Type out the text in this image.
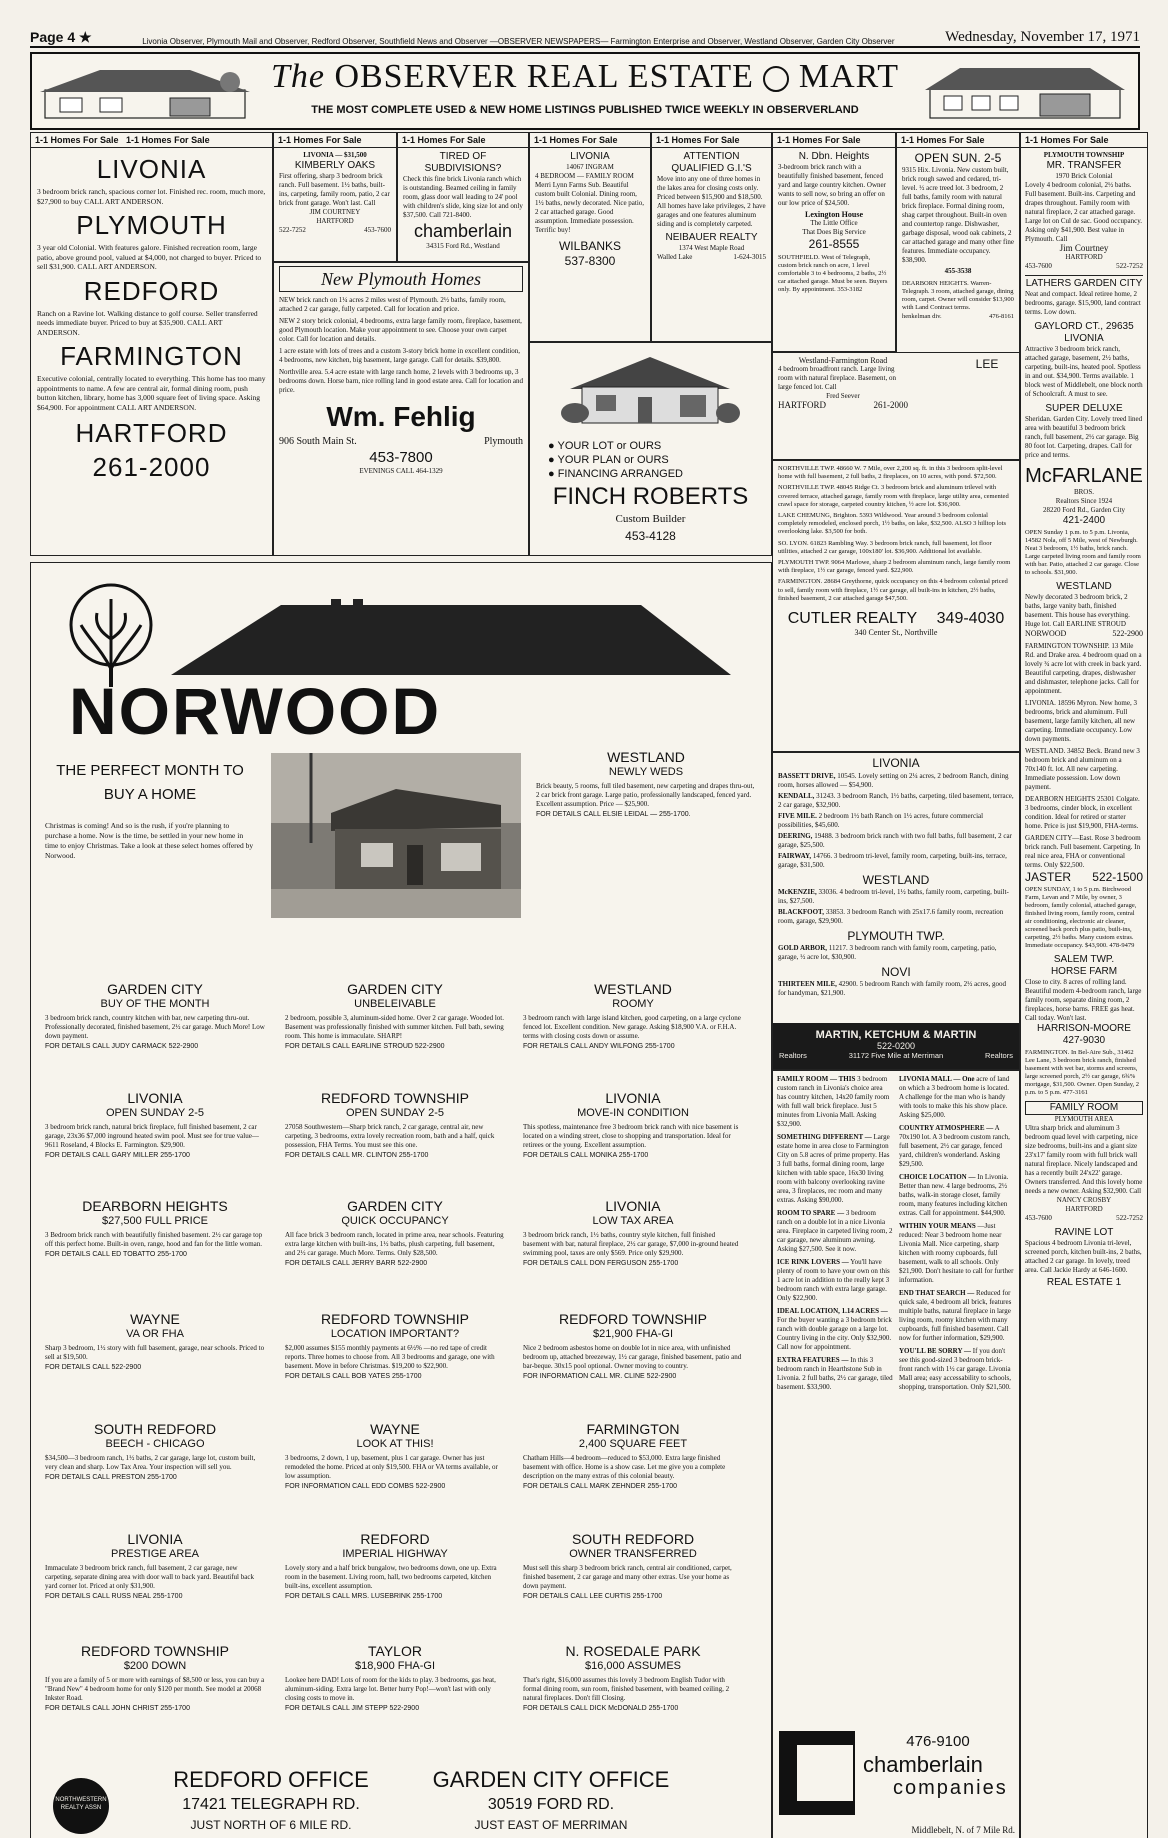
Page 4 ★	Livonia Observer, Plymouth Mail and Observer, Redford Observer, Southfield News and Observer —OBSERVER NEWSPAPERS— Farmington Enterprise and Observer, Westland Observer, Garden City Observer	Wednesday, November 17, 1971
The OBSERVER REAL ESTATE MART
THE MOST COMPLETE USED & NEW HOME LISTINGS PUBLISHED TWICE WEEKLY IN OBSERVERLAND
1-1 Homes For Sale 1-1 Homes For Sale
LIVONIA
3 bedroom brick ranch, spacious corner lot. Finished rec. room, much more, $27,900 to buy CALL ART ANDERSON.
PLYMOUTH
3 year old Colonial. With features galore. Finished recreation room, large patio, above ground pool, valued at $4,000, not charged to buyer. Priced to sell $31,900. CALL ART ANDERSON.
REDFORD
Ranch on a Ravine lot. Walking distance to golf course. Seller transferred needs immediate buyer. Priced to buy at $35,900. CALL ART ANDERSON.
FARMINGTON
Executive colonial, centrally located to everything. This home has too many appointments to name. A few are central air, formal dining room, push button kitchen, library, home has 3,000 square feet of living space. Asking $64,900. For appointment CALL ART ANDERSON.
HARTFORD
261-2000
1-1 Homes For Sale
LIVONIA — $31,500
KIMBERLY OAKS
First offering, sharp 3 bedroom brick ranch. Full basement. 1½ baths, built-ins, carpeting, family room, patio, 2 car brick front garage. Won't last. Call
JIM COURTNEY
HARTFORD
522-7252	453-7600
1-1 Homes For Sale
TIRED OF SUBDIVISIONS?
Check this fine brick Livonia ranch which is outstanding. Beamed ceiling in family room, glass door wall leading to 24' pool with children's slide, king size lot and only $37,500. Call 721-8400.
chamberlain
34315 Ford Rd., Westland
New Plymouth Homes
NEW brick ranch on 1¼ acres 2 miles west of Plymouth. 2½ baths, family room, attached 2 car garage, fully carpeted. Call for location and price.
NEW 2 story brick colonial, 4 bedrooms, extra large family room, fireplace, basement, good Plymouth location. Make your appointment to see. Choose your own carpet color. Call for location and details.
1 acre estate with lots of trees and a custom 3-story brick home in excellent condition, 4 bedrooms, new kitchen, big basement, large garage. Call for details. $39,800.
Northville area. 5.4 acre estate with large ranch home, 2 levels with 3 bedrooms up, 3 bedrooms down. Horse barn, nice rolling land in good estate area. Call for location and price.
Wm. Fehlig
906 South Main St.	Plymouth
453-7800
EVENINGS CALL 464-1329
1-1 Homes For Sale
LIVONIA
14067 INGRAM
4 BEDROOM — FAMILY ROOM Merri Lynn Farms Sub. Beautiful custom built Colonial. Dining room, 1½ baths, newly decorated. Nice patio, 2 car attached garage. Good assumption. Immediate possession. Terrific buy!
WILBANKS
537-8300
1-1 Homes For Sale
ATTENTION QUALIFIED G.I.'S
Move into any one of three homes in the lakes area for closing costs only. Priced between $15,900 and $18,500. All homes have lake privileges, 2 have garages and one features aluminum siding and is completely carpeted.
NEIBAUER REALTY
1374 West Maple Road
Walled Lake	1-624-3015
● YOUR LOT or OURS
● YOUR PLAN or OURS
● FINANCING ARRANGED
FINCH ROBERTS
Custom Builder
453-4128
1-1 Homes For Sale
N. Dbn. Heights
3-bedroom brick ranch with a beautifully finished basement, fenced yard and large country kitchen. Owner wants to sell now, so bring an offer on our low price of $24,500.
Lexington House
The Little Office
That Does Big Service
261-8555
SOUTHFIELD. West of Telegraph, custom brick ranch on acre, 1 level comfortable 3 to 4 bedrooms, 2 baths, 2½ car attached garage. Must be seen. Buyers only. By appointment. 353-3182
1-1 Homes For Sale
OPEN SUN. 2-5
9315 Hix. Livonia. New custom built, brick rough sawed and cedared, tri-level. ½ acre treed lot. 3 bedroom, 2 full baths, family room with natural brick fireplace. Formal dining room, shag carpet throughout. Built-in oven and countertop range. Dishwasher, garbage disposal, wood oak cabinets, 2 car attached garage and many other fine features. Immediate occupancy. $38,900.
455-3538
DEARBORN HEIGHTS. Warren-Telegraph. 3 room, attached garage, dining room, carpet. Owner will consider $13,900 with Land Contract terms.
henkelman div.	476-8161
Westland-Farmington Road
4 bedroom broadfront ranch. Large living room with natural fireplace. Basement, on large fenced lot. Call
Fred Seever
HARTFORD	261-2000
LEE
1-1 Homes For Sale
PLYMOUTH TOWNSHIP
MR. TRANSFER
1970 Brick Colonial
Lovely 4 bedroom colonial, 2½ baths. Full basement. Built-ins. Carpeting and drapes throughout. Family room with natural fireplace, 2 car attached garage. Large lot on Cul de sac. Good occupancy. Asking only $41,900. Best value in Plymouth. Call
Jim Courtney
HARTFORD
453-7600	522-7252
LATHERS GARDEN CITY
Neat and compact. Ideal retiree home, 2 bedrooms, garage. $15,900, land contract terms. Low down.
GAYLORD CT., 29635 LIVONIA
Attractive 3 bedroom brick ranch, attached garage, basement, 2½ baths, carpeting, built-ins, heated pool. Spotless in and out. $34,900. Terms available. 1 block west of Middlebelt, one block north of Schoolcraft. A must to see.
SUPER DELUXE
Sheridan. Garden City. Lovely treed lined area with beautiful 3 bedroom brick ranch, full basement, 2½ car garage. Big 80 foot lot. Carpeting, drapes. Call for price and terms.
McFARLANE
BROS.
Realtors Since 1924
28220 Ford Rd., Garden City
421-2400
OPEN Sunday 1 p.m. to 5 p.m. Livonia, 14582 Nola, off 5 Mile, west of Newburgh. Neat 3 bedroom, 1½ baths, brick ranch. Large carpeted living room and family room with bar. Patio, attached 2 car garage. Close to schools. $31,900.
WESTLAND
Newly decorated 3 bedroom brick, 2 baths, large vanity bath, finished basement. This house has everything. Huge lot. Call EARLINE STROUD
NORWOOD	522-2900
FARMINGTON TOWNSHIP. 13 Mile Rd. and Drake area. 4 bedroom quad on a lovely ¾ acre lot with creek in back yard. Beautiful carpeting, drapes, dishwasher and dishmaster, telephone jacks. Call for appointment.
LIVONIA. 18596 Myron. New home, 3 bedrooms, brick and aluminum. Full basement, large family kitchen, all new carpeting. Immediate occupancy. Low down payments.
WESTLAND. 34852 Beck. Brand new 3 bedroom brick and aluminum on a 70x140 ft. lot. All new carpeting. Immediate possession. Low down payment.
DEARBORN HEIGHTS 25301 Colgate. 3 bedrooms, cinder block, in excellent condition. Ideal for retired or starter home. Price is just $19,900, FHA-terms.
GARDEN CITY—East. Rose 3 bedroom brick ranch. Full basement. Carpeting. In real nice area, FHA or conventional terms. Only $22,500.
JASTER 522-1500
OPEN SUNDAY, 1 to 5 p.m. Birchwood Farm, Levan and 7 Mile, by owner, 3 bedroom, family colonial, attached garage, finished living room, family room, central air conditioning, electronic air cleaner, screened back porch plus patio, built-ins, carpeting, 2½ baths. Many custom extras. Immediate occupancy. $43,900. 478-9479
SALEM TWP.
HORSE FARM
Close to city. 8 acres of rolling land. Beautiful modern 4-bedroom ranch, large family room, separate dining room, 2 fireplaces, horse barns. FREE gas heat. Call today. Won't last.
HARRISON-MOORE
427-9030
FARMINGTON. In Bel-Aire Sub., 31462 Lee Lane, 3 bedroom brick ranch, finished basement with wet bar, storms and screens, large screened porch, 2½ car garage, 6¾% mortgage, $31,500. Owner. Open Sunday, 2 p.m. to 5 p.m. 477-3161
FAMILY ROOM
PLYMOUTH AREA
Ultra sharp brick and aluminum 3 bedroom quad level with carpeting, nice size bedrooms, built-ins and a giant size 23'x17' family room with full brick wall natural fireplace. Nicely landscaped and has a recently built 24'x22' garage. Owners transferred. And this lovely home needs a new owner. Asking $32,900. Call
NANCY CROSBY
HARTFORD
453-7600	522-7252
RAVINE LOT
Spacious 4 bedroom Livonia tri-level, screened porch, kitchen built-ins, 2 baths, attached 2 car garage. In lovely, treed area. Call Jackie Hardy at 646-1600.
REAL ESTATE 1
NORTHVILLE TWP. 48660 W. 7 Mile, over 2,200 sq. ft. in this 3 bedroom split-level home with full basement, 2 full baths, 2 fireplaces, on 10 acres, with pond. $72,500.
NORTHVILLE TWP. 48045 Ridge Ct. 3 bedroom brick and aluminum trilevel with covered terrace, attached garage, family room with fireplace, large utility area, cemented crawl space for storage, carpeted country kitchen, ½ acre lot. $36,900.
LAKE CHEMUNG, Brighton. 5393 Wildwood. Year around 3 bedroom colonial completely remodeled, enclosed porch, 1½ baths, on lake, $32,500. ALSO 3 hilltop lots overlooking lake. $3,500 for both.
SO. LYON. 61823 Rambling Way. 3 bedroom brick ranch, full basement, lot floor utilities, attached 2 car garage, 100x180' lot. $36,900. Additional lot available.
PLYMOUTH TWP. 9064 Marlowe, sharp 2 bedroom aluminum ranch, large family room with fireplace, 1½ car garage, fenced yard. $22,900.
FARMINGTON. 28684 Greythorne, quick occupancy on this 4 bedroom colonial priced to sell, family room with fireplace, 1½ car garage, all built-ins in kitchen, 2½ baths, finished basement, 2 car attached garage $47,500.
CUTLER REALTY 349-4030
340 Center St., Northville
LIVONIA
BASSETT DRIVE, 10545. Lovely setting on 2¼ acres, 2 bedroom Ranch, dining room, horses allowed — $54,900.
KENDALL, 31243. 3 bedroom Ranch, 1½ baths, carpeting, tiled basement, terrace, 2 car garage, $32,900.
FIVE MILE. 2 bedroom 1½ bath Ranch on 1½ acres, future commercial possibilities, $45,600.
DEERING, 19488. 3 bedroom brick ranch with two full baths, full basement, 2 car garage, $25,500.
FAIRWAY, 14766. 3 bedroom tri-level, family room, carpeting, built-ins, terrace, garage, $31,500.
WESTLAND
McKENZIE, 33036. 4 bedroom tri-level, 1½ baths, family room, carpeting, built-ins, $27,500.
BLACKFOOT, 33853. 3 bedroom Ranch with 25x17.6 family room, recreation room, garage, $29,900.
PLYMOUTH TWP.
GOLD ARBOR, 11217. 3 bedroom ranch with family room, carpeting, patio, garage, ½ acre lot, $30,900.
NOVI
THIRTEEN MILE, 42900. 5 bedroom Ranch with family room, 2½ acres, good for handyman, $21,900.
MARTIN, KETCHUM & MARTIN
522-0200
Realtors	31172 Five Mile at Merriman	Realtors
FAMILY ROOM — THIS 3 bedroom custom ranch in Livonia's choice area has country kitchen, 14x20 family room with full wall brick fireplace. Just 5 minutes from Livonia Mall. Asking $32,900.
SOMETHING DIFFERENT — Large estate home in area close to Farmington City on 5.8 acres of prime property. Has 3 full baths, formal dining room, large kitchen with table space, 16x30 living room with balcony overlooking ravine area, 3 fireplaces, rec room and many extras. Asking $90,000.
ROOM TO SPARE — 3 bedroom ranch on a double lot in a nice Livonia area. Fireplace in carpeted living room, 2 car garage, new aluminum awning. Asking $27,500. See it now.
ICE RINK LOVERS — You'll have plenty of room to have your own on this 1 acre lot in addition to the really kept 3 bedroom ranch with extra large garage. Only $22,900.
IDEAL LOCATION, 1.14 ACRES — For the buyer wanting a 3 bedroom brick ranch with double garage on a large lot. Country living in the city. Only $32,900. Call now for appointment.
EXTRA FEATURES — In this 3 bedroom ranch in Hearthstone Sub in Livonia. 2 full baths, 2½ car garage, tiled basement. $33,900.
LIVONIA MALL — One acre of land on which a 3 bedroom home is located. A challenge for the man who is handy with tools to make this his show place. Asking $25,000.
COUNTRY ATMOSPHERE — A 70x190 lot. A 3 bedroom custom ranch, full basement, 2½ car garage, fenced yard, children's wonderland. Asking $29,500.
CHOICE LOCATION — In Livonia. Better than new. 4 large bedrooms, 2½ baths, walk-in storage closet, family room, many features including kitchen extras. Call for appointment. $44,900.
WITHIN YOUR MEANS —Just reduced: Near 3 bedroom home near Livonia Mall. Nice carpeting, sharp kitchen with roomy cupboards, full basement, walk to all schools. Only $21,900. Don't hesitate to call for further information.
END THAT SEARCH — Reduced for quick sale, 4 bedroom all brick, features multiple baths, natural fireplace in large living room, roomy kitchen with many cupboards, full finished basement. Call now for further information, $29,900.
YOU'LL BE SORRY — If you don't see this good-sized 3 bedroom brick-front ranch with 1½ car garage. Livonia Mall area; easy accessability to schools, shopping, transportation. Only $21,500.
476-9100
chamberlain
companies
Middlebelt, N. of 7 Mile Rd.
NORWOOD
THE PERFECT MONTH TO BUY A HOME
Christmas is coming! And so is the rush, if you're planning to purchase a home. Now is the time, be settled in your new home in time to enjoy Christmas. Take a look at these select homes offered by Norwood.
WESTLAND
NEWLY WEDS
Brick beauty, 5 rooms, full tiled basement, new carpeting and drapes thru-out, 2 car brick front garage. Large patio, professionally landscaped, fenced yard. Excellent assumption. Price — $25,900.
FOR DETAILS CALL ELSIE LEIDAL — 255-1700.
GARDEN CITY
BUY OF THE MONTH
3 bedroom brick ranch, country kitchen with bar, new carpeting thru-out. Professionally decorated, finished basement, 2½ car garage. Much More! Low down payment.
FOR DETAILS CALL JUDY CARMACK 522-2900
GARDEN CITY
UNBELEIVABLE
2 bedroom, possible 3, aluminum-sided home. Over 2 car garage. Wooded lot. Basement was professionally finished with summer kitchen. Full bath, sewing room. This home is immaculate. SHARP!
FOR DETAILS CALL EARLINE STROUD 522-2900
WESTLAND
ROOMY
3 bedroom ranch with large island kitchen, good carpeting, on a large cyclone fenced lot. Excellent condition. New garage. Asking $18,900 V.A. or F.H.A. terms with closing costs down or assume.
FOR RETAILS CALL ANDY WILFONG 255-1700
LIVONIA
OPEN SUNDAY 2-5
3 bedroom brick ranch, natural brick fireplace, full finished basement, 2 car garage, 23x36 $7,000 inground heated swim pool. Must see for true value—9611 Roseland, 4 Blocks E. Farmington. $29,900.
FOR DETAILS CALL GARY MILLER 255-1700
REDFORD TOWNSHIP
OPEN SUNDAY 2-5
27058 Southwestern—Sharp brick ranch, 2 car garage, central air, new carpeting, 3 bedrooms, extra lovely recreation room, bath and a half, quick possession, FHA Terms. You must see this one.
FOR DETAILS CALL MR. CLINTON 255-1700
LIVONIA
MOVE-IN CONDITION
This spotless, maintenance free 3 bedroom brick ranch with nice basement is located on a winding street, close to shopping and transportation. Ideal for retirees or the young. Excellent assumption.
FOR DETAILS CALL MONIKA 255-1700
DEARBORN HEIGHTS
$27,500 FULL PRICE
3 Bedroom brick ranch with beautifully finished basement. 2½ car garage top off this perfect home. Built-in oven, range, hood and fan for the little woman.
FOR DETAILS CALL ED TOBATTO 255-1700
GARDEN CITY
QUICK OCCUPANCY
All face brick 3 bedroom ranch, located in prime area, near schools. Featuring extra large kitchen with built-ins, 1½ baths, plush carpeting, full basement, and 2½ car garage. Much More. Terms. Only $28,500.
FOR DETAILS CALL JERRY BARR 522-2900
LIVONIA
LOW TAX AREA
3 bedroom brick ranch, 1½ baths, country style kitchen, full finished basement with bar, natural fireplace, 2½ car garage, $7,000 in-ground heated swimming pool, taxes are only $569. Price only $29,900.
FOR DETAILS CALL DON FERGUSON 255-1700
WAYNE
VA OR FHA
Sharp 3 bedroom, 1½ story with full basement, garage, near schools. Priced to sell at $19,500.
FOR DETAILS CALL 522-2900
REDFORD TOWNSHIP
LOCATION IMPORTANT?
$2,000 assumes $155 monthly payments at 6½% —no red tape of credit reports. Three homes to choose from. All 3 bedrooms and garage, one with basement. Move in before Christmas. $19,200 to $22,900.
FOR DETAILS CALL BOB YATES 255-1700
REDFORD TOWNSHIP
$21,900 FHA-GI
Nice 2 bedroom asbestos home on double lot in nice area, with unfinished bedroom up, attached breezeway, 1½ car garage, finished basement, patio and bar-beque. 30x15 pool optional. Owner moving to country.
FOR INFORMATION CALL MR. CLINE 522-2900
SOUTH REDFORD
BEECH - CHICAGO
$34,500—3 bedroom ranch, 1½ baths, 2 car garage, large lot, custom built, very clean and sharp. Low Tax Area. Your inspection will sell you.
FOR DETAILS CALL PRESTON 255-1700
WAYNE
LOOK AT THIS!
3 bedrooms, 2 down, 1 up, basement, plus 1 car garage. Owner has just remodeled the home. Priced at only $19,500. FHA or VA terms available, or low assumption.
FOR INFORMATION CALL EDD COMBS 522-2900
FARMINGTON
2,400 SQUARE FEET
Chatham Hills—4 bedroom—reduced to $53,000. Extra large finished basement with office. Home is a show case. Let me give you a complete description on the many extras of this colonial beauty.
FOR DETAILS CALL MARK ZEHNDER 255-1700
LIVONIA
PRESTIGE AREA
Immaculate 3 bedroom brick ranch, full basement, 2 car garage, new carpeting, separate dining area with door wall to back yard. Beautiful back yard corner lot. Priced at only $31,900.
FOR DETAILS CALL RUSS NEAL 255-1700
REDFORD
IMPERIAL HIGHWAY
Lovely story and a half brick bungalow, two bedrooms down, one up. Extra room in the basement. Living room, hall, two bedrooms carpeted, kitchen built-ins, excellent assumption.
FOR DETAILS CALL MRS. LUSEBRINK 255-1700
SOUTH REDFORD
OWNER TRANSFERRED
Must sell this sharp 3 bedroom brick ranch, central air conditioned, carpet, finished basement, 2 car garage and many other extras. Use your home as down payment.
FOR DETAILS CALL LEE CURTIS 255-1700
REDFORD TOWNSHIP
$200 DOWN
If you are a family of 5 or more with earnings of $8,500 or less, you can buy a "Brand New" 4 bedroom home for only $120 per month. See model at 20068 Inkster Road.
FOR DETAILS CALL JOHN CHRIST 255-1700
TAYLOR
$18,900 FHA-GI
Lookee here DAD! Lots of room for the kids to play. 3 bedrooms, gas heat, aluminum-siding. Extra large lot. Better hurry Pop!—won't last with only closing costs to move in.
FOR DETAILS CALL JIM STEPP 522-2900
N. ROSEDALE PARK
$16,000 ASSUMES
That's right, $16,000 assumes this lovely 3 bedroom English Tudor with formal dining room, sun room, finished basement, with beamed ceiling, 2 natural fireplaces. Don't fill Closing.
FOR DETAILS CALL DICK McDONALD 255-1700
NORTHWESTERN REALTY ASSN
REDFORD OFFICE
17421 TELEGRAPH RD.
JUST NORTH OF 6 MILE RD.
GARDEN CITY OFFICE
30519 FORD RD.
JUST EAST OF MERRIMAN
